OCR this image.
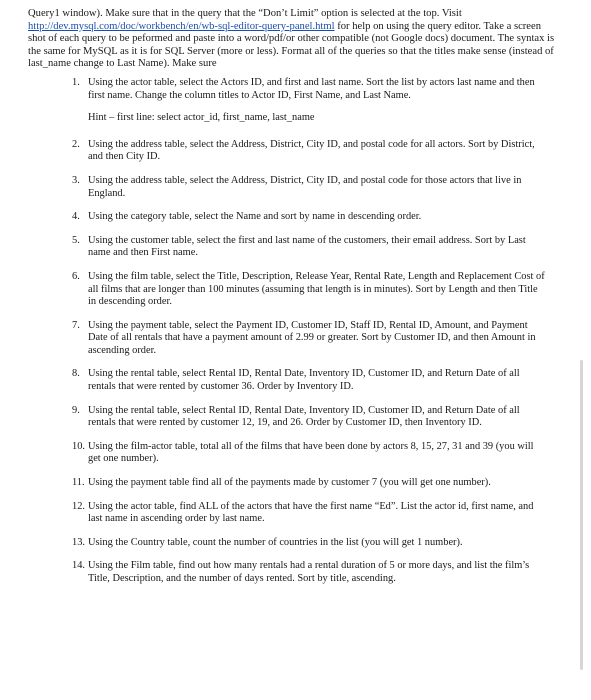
Query1 window). Make sure that in the query that the “Don’t Limit” option is selected at the top. Visit http://dev.mysql.com/doc/workbench/en/wb-sql-editor-query-panel.html for help on using the query editor. Take a screen shot of each query to be peformed and paste into a word/pdf/or other compatible (not Google docs) document. The syntax is the same for MySQL as it is for SQL Server (more or less). Format all of the queries so that the titles make sense (instead of last_name change to Last Name). Make sure

1. Using the actor table, select the Actors ID, and first and last name. Sort the list by actors last name and then first name. Change the column titles to Actor ID, First Name, and Last Name.
Hint – first line: select actor_id, first_name, last_name
2. Using the address table, select the Address, District, City ID, and postal code for all actors. Sort by District, and then City ID.
3. Using the address table, select the Address, District, City ID, and postal code for those actors that live in England.
4. Using the category table, select the Name and sort by name in descending order.
5. Using the customer table, select the first and last name of the customers, their email address. Sort by Last name and then First name.
6. Using the film table, select the Title, Description, Release Year, Rental Rate, Length and Replacement Cost of all films that are longer than 100 minutes (assuming that length is in minutes). Sort by Length and then Title in descending order.
7. Using the payment table, select the Payment ID, Customer ID, Staff ID, Rental ID, Amount, and Payment Date of all rentals that have a payment amount of 2.99 or greater. Sort by Customer ID, and then Amount in ascending order.
8. Using the rental table, select Rental ID, Rental Date, Inventory ID, Customer ID, and Return Date of all rentals that were rented by customer 36. Order by Inventory ID.
9. Using the rental table, select Rental ID, Rental Date, Inventory ID, Customer ID, and Return Date of all rentals that were rented by customer 12, 19, and 26. Order by Customer ID, then Inventory ID.
10. Using the film-actor table, total all of the films that have been done by actors 8, 15, 27, 31 and 39 (you will get one number).
11. Using the payment table find all of the payments made by customer 7 (you will get one number).
12. Using the actor table, find ALL of the actors that have the first name “Ed”. List the actor id, first name, and last name in ascending order by last name.
13. Using the Country table, count the number of countries in the list (you will get 1 number).
14. Using the Film table, find out how many rentals had a rental duration of 5 or more days, and list the film’s Title, Description, and the number of days rented. Sort by title, ascending.
